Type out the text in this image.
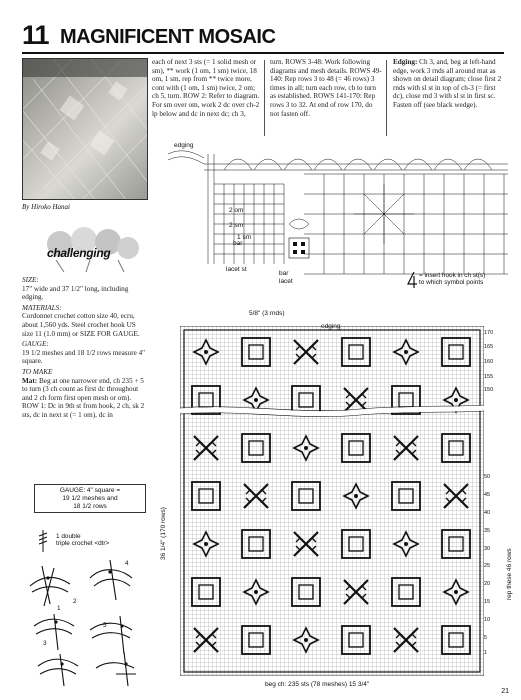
11 MAGNIFICENT MOSAIC
By Hiroko Hanai
challenging

SIZE:
17" wide and 37 1/2" long, including edging.

MATERIALS:
Cordonnet crochet cotton size 40, ecru, about 1,560 yds. Steel crochet hook US size 11 (1.0 mm) or SIZE FOR GAUGE.

GAUGE:
19 1/2 meshes and 18 1/2 rows measure 4" square.

TO MAKE
Mat: Beg at one narrower end, ch 235 + 5 to turn (3 ch count as first dc throughout and 2 ch form first open mesh or om). ROW 1: Dc in 9th st from hook, 2 ch, sk 2 sts, dc in next st (= 1 om), dc in

GAUGE: 4" square =
19 1/2 meshes and
18 1/2 rows
1 double
triple crochet <dtr>
1
2
3
4
5
each of next 3 sts (= 1 solid mesh or sm), ** work (1 om, 1 sm) twice, 18 om, 1 sm, rep from ** twice more, cont with (1 om, 1 sm) twice, 2 om; ch 5, turn. ROW 2: Refer to diagram. For sm over om, work 2 dc over ch-2 lp below and dc in next dc; ch 3,
turn. ROWS 3-48: Work following diagrams and mesh details. ROWS 49-140: Rep rows 3 to 48 (= 46 rows) 3 times in all; turn each row, ch to turn as established. ROWS 141-170: Rep rows 3 to 32. At end of row 170, do not fasten off.
Edging: Ch 3, and, beg at left-hand edge, work 3 rnds all around mat as shown on detail diagram; close first 2 rnds with sl st in top of ch-3 (= first dc), close rnd 3 with sl st in first sc. Fasten off (see black wedge).
edging
2 om
2 sm
1 sm
bar
lacet st
bar
lacet
= insert hook in ch st(s)
to which symbol points
5/8" (3 rnds)
170
165
160
155
150
50
45
40
35
30
25
20
15
10
5
1
36 1/4" (170 rows)
rep these 46 rows
beg ch: 235 sts (78 meshes) 15 3/4"
21
